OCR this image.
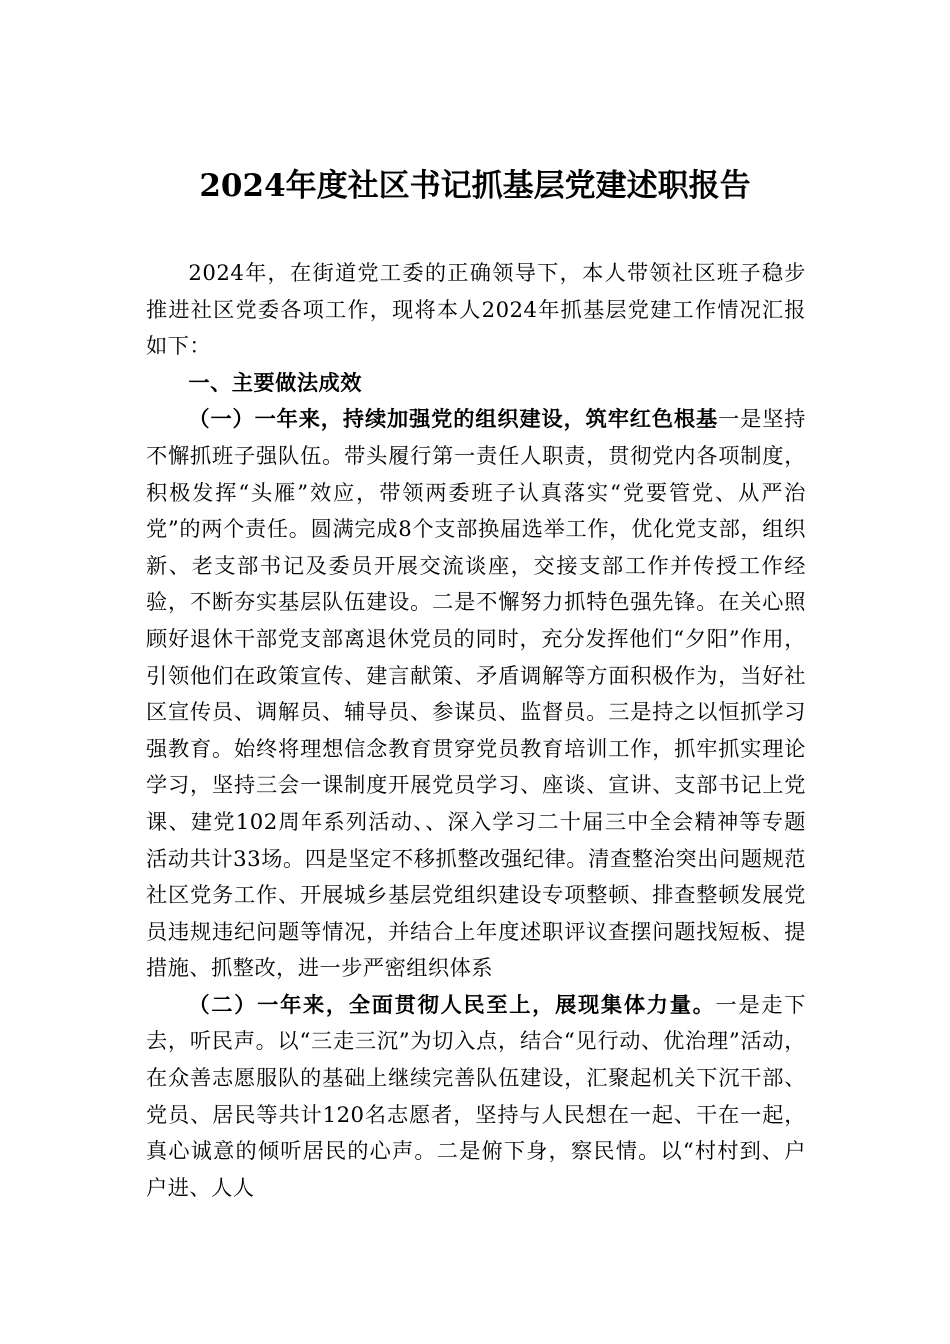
2024年度社区书记抓基层党建述职报告

2024年，在街道党工委的正确领导下，本人带领社区班子稳步推进社区党委各项工作，现将本人2024年抓基层党建工作情况汇报如下：

一、主要做法成效

（一）一年来，持续加强党的组织建设，筑牢红色根基一是坚持不懈抓班子强队伍。带头履行第一责任人职责，贯彻党内各项制度，积极发挥“头雁”效应，带领两委班子认真落实“党要管党、从严治党”的两个责任。圆满完成8个支部换届选举工作，优化党支部，组织新、老支部书记及委员开展交流谈座，交接支部工作并传授工作经验，不断夯实基层队伍建设。二是不懈努力抓特色强先锋。在关心照顾好退休干部党支部离退休党员的同时，充分发挥他们“夕阳”作用，引领他们在政策宣传、建言献策、矛盾调解等方面积极作为，当好社区宣传员、调解员、辅导员、参谋员、监督员。三是持之以恒抓学习强教育。始终将理想信念教育贯穿党员教育培训工作，抓牢抓实理论学习，坚持三会一课制度开展党员学习、座谈、宣讲、支部书记上党课、建党102周年系列活动、、深入学习二十届三中全会精神等专题活动共计33场。四是坚定不移抓整改强纪律。清查整治突出问题规范社区党务工作、开展城乡基层党组织建设专项整顿、排查整顿发展党员违规违纪问题等情况，并结合上年度述职评议查摆问题找短板、提措施、抓整改，进一步严密组织体系

（二）一年来，全面贯彻人民至上，展现集体力量。一是走下去，听民声。以“三走三沉”为切入点，结合“见行动、优治理”活动，在众善志愿服队的基础上继续完善队伍建设，汇聚起机关下沉干部、党员、居民等共计120名志愿者，坚持与人民想在一起、干在一起，真心诚意的倾听居民的心声。二是俯下身，察民情。以“村村到、户户进、人人
